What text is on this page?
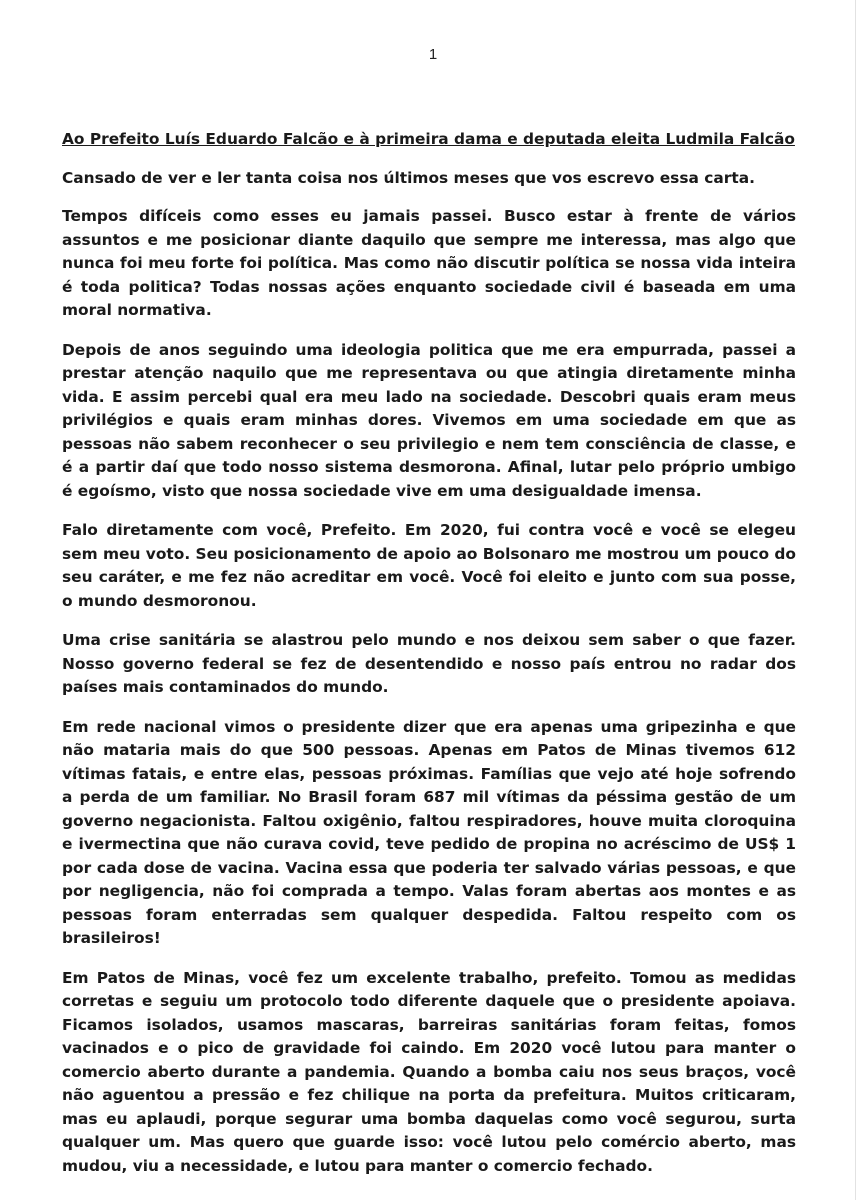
1

Ao Prefeito Luís Eduardo Falcão e à primeira dama e deputada eleita Ludmila Falcão

Cansado de ver e ler tanta coisa nos últimos meses que vos escrevo essa carta.

Tempos difíceis como esses eu jamais passei. Busco estar à frente de vários assuntos e me posicionar diante daquilo que sempre me interessa, mas algo que nunca foi meu forte foi política. Mas como não discutir política se nossa vida inteira é toda politica? Todas nossas ações enquanto sociedade civil é baseada em uma moral normativa.

Depois de anos seguindo uma ideologia politica que me era empurrada, passei a prestar atenção naquilo que me representava ou que atingia diretamente minha vida. E assim percebi qual era meu lado na sociedade. Descobri quais eram meus privilégios e quais eram minhas dores. Vivemos em uma sociedade em que as pessoas não sabem reconhecer o seu privilegio e nem tem consciência de classe, e é a partir daí que todo nosso sistema desmorona. Afinal, lutar pelo próprio umbigo é egoísmo, visto que nossa sociedade vive em uma desigualdade imensa.

Falo diretamente com você, Prefeito. Em 2020, fui contra você e você se elegeu sem meu voto. Seu posicionamento de apoio ao Bolsonaro me mostrou um pouco do seu caráter, e me fez não acreditar em você. Você foi eleito e junto com sua posse, o mundo desmoronou.

Uma crise sanitária se alastrou pelo mundo e nos deixou sem saber o que fazer. Nosso governo federal se fez de desentendido e nosso país entrou no radar dos países mais contaminados do mundo.

Em rede nacional vimos o presidente dizer que era apenas uma gripezinha e que não mataria mais do que 500 pessoas. Apenas em Patos de Minas tivemos 612 vítimas fatais, e entre elas, pessoas próximas. Famílias que vejo até hoje sofrendo a perda de um familiar. No Brasil foram 687 mil vítimas da péssima gestão de um governo negacionista. Faltou oxigênio, faltou respiradores, houve muita cloroquina e ivermectina que não curava covid, teve pedido de propina no acréscimo de US$ 1 por cada dose de vacina. Vacina essa que poderia ter salvado várias pessoas, e que por negligencia, não foi comprada a tempo. Valas foram abertas aos montes e as pessoas foram enterradas sem qualquer despedida. Faltou respeito com os brasileiros!

Em Patos de Minas, você fez um excelente trabalho, prefeito. Tomou as medidas corretas e seguiu um protocolo todo diferente daquele que o presidente apoiava. Ficamos isolados, usamos mascaras, barreiras sanitárias foram feitas, fomos vacinados e o pico de gravidade foi caindo. Em 2020 você lutou para manter o comercio aberto durante a pandemia. Quando a bomba caiu nos seus braços, você não aguentou a pressão e fez chilique na porta da prefeitura. Muitos criticaram, mas eu aplaudi, porque segurar uma bomba daquelas como você segurou, surta qualquer um. Mas quero que guarde isso: você lutou pelo comércio aberto, mas mudou, viu a necessidade, e lutou para manter o comercio fechado.
